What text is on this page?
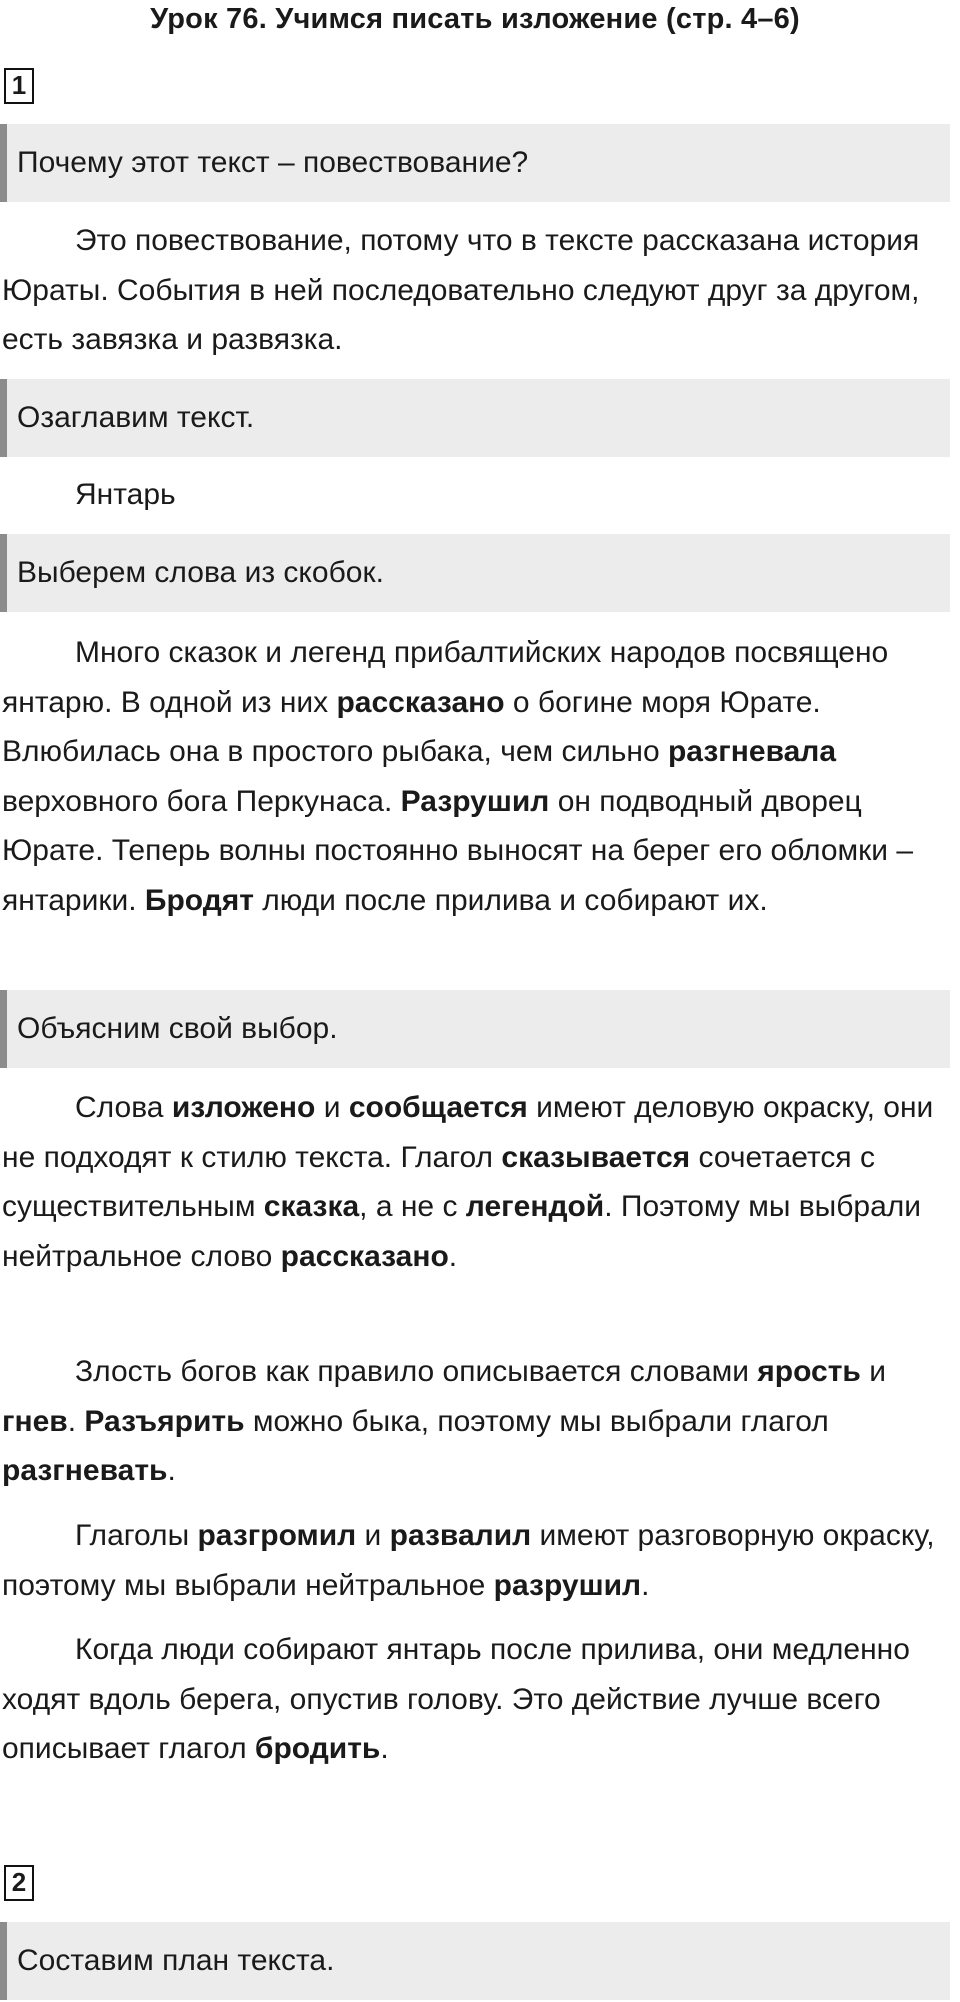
Урок 76. Учимся писать изложение (стр. 4–6)
1
Почему этот текст – повествование?

Это повествование, потому что в тексте рассказана история Юраты. События в ней последовательно следуют друг за другом, есть завязка и развязка.

Озаглавим текст.

Янтарь

Выберем слова из скобок.

Много сказок и легенд прибалтийских народов посвящено янтарю. В одной из них рассказано о богине моря Юрате. Влюбилась она в простого рыбака, чем сильно разгневала верховного бога Перкунаса. Разрушил он подводный дворец Юрате. Теперь волны постоянно выносят на берег его обломки – янтарики. Бродят люди после прилива и собирают их.

Объясним свой выбор.

Слова изложено и сообщается имеют деловую окраску, они не подходят к стилю текста. Глагол сказывается сочетается с существительным сказка, а не с легендой. Поэтому мы выбрали нейтральное слово рассказано.

Злость богов как правило описывается словами ярость и гнев. Разъярить можно быка, поэтому мы выбрали глагол разгневать.

Глаголы разгромил и развалил имеют разговорную окраску, поэтому мы выбрали нейтральное разрушил.

Когда люди собирают янтарь после прилива, они медленно ходят вдоль берега, опустив голову. Это действие лучше всего описывает глагол бродить.

2
Составим план текста.
